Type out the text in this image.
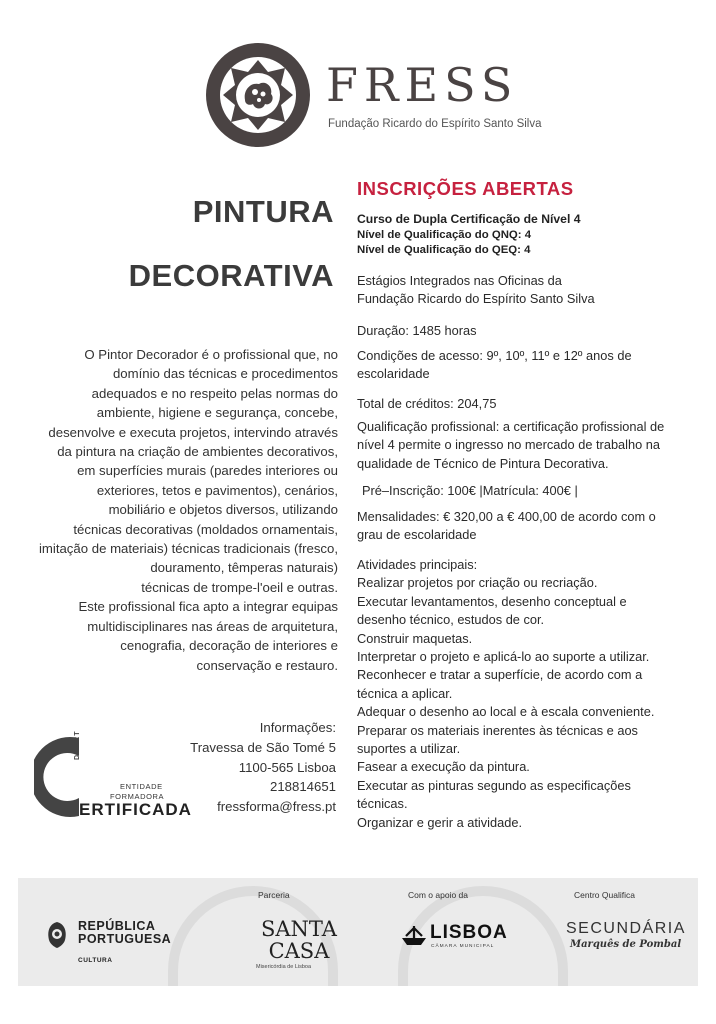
FRESS
Fundação Ricardo do Espírito Santo Silva
PINTURA
DECORATIVA

O Pintor Decorador é o profissional que, no
domínio das técnicas e procedimentos
adequados e no respeito pelas normas do
ambiente, higiene e segurança, concebe,
desenvolve e executa projetos, intervindo através
da pintura na criação de ambientes decorativos,
em superfícies murais (paredes interiores ou
exteriores, tetos e pavimentos), cenários,
mobiliário e objetos diversos, utilizando
técnicas decorativas (moldados ornamentais,
imitação de materiais) técnicas tradicionais (fresco,
douramento, têmperas naturais)
técnicas de trompe-l'oeil e outras.

Este profissional fica apto a integrar equipas
multidisciplinares nas áreas de arquitetura,
cenografia, decoração de interiores e
conservação e restauro.

DGERT
ENTIDADE
FORMADORA
ERTIFICADA
Informações:
Travessa de São Tomé 5
1100-565 Lisboa
218814651
fressforma@fress.pt
INSCRIÇÕES ABERTAS
Curso de Dupla Certificação de Nível 4
Nível de Qualificação do QNQ: 4
Nível de Qualificação do QEQ: 4
Estágios Integrados nas Oficinas da
Fundação Ricardo do Espírito Santo Silva
Duração: 1485 horas
Condições de acesso: 9º, 10º, 11º e 12º anos de escolaridade
Total de créditos: 204,75
Qualificação profissional: a certificação profissional de nível 4 permite o ingresso no mercado de trabalho na qualidade de Técnico de Pintura Decorativa.
Pré–Inscrição: 100€ |Matrícula: 400€ |
Mensalidades: € 320,00 a € 400,00 de acordo com o grau de escolaridade
Atividades principais:
Realizar projetos por criação ou recriação.
Executar levantamentos, desenho conceptual e desenho técnico, estudos de cor.
Construir maquetas.
Interpretar o projeto e aplicá-lo ao suporte a utilizar.
Reconhecer e tratar a superfície, de acordo com a técnica a aplicar.
Adequar o desenho ao local e à escala conveniente.
Preparar os materiais inerentes às técnicas e aos suportes a utilizar.
Fasear a execução da pintura.
Executar as pinturas segundo as especificações técnicas.
Organizar e gerir a atividade.
Parceria	Com o apoio da	Centro Qualifica
REPÚBLICA
PORTUGUESA
CULTURA
SANTA
CASA
Misericórdia de Lisboa
LISBOA
CÂMARA MUNICIPAL
SECUNDÁRIA
Marquês de Pombal
